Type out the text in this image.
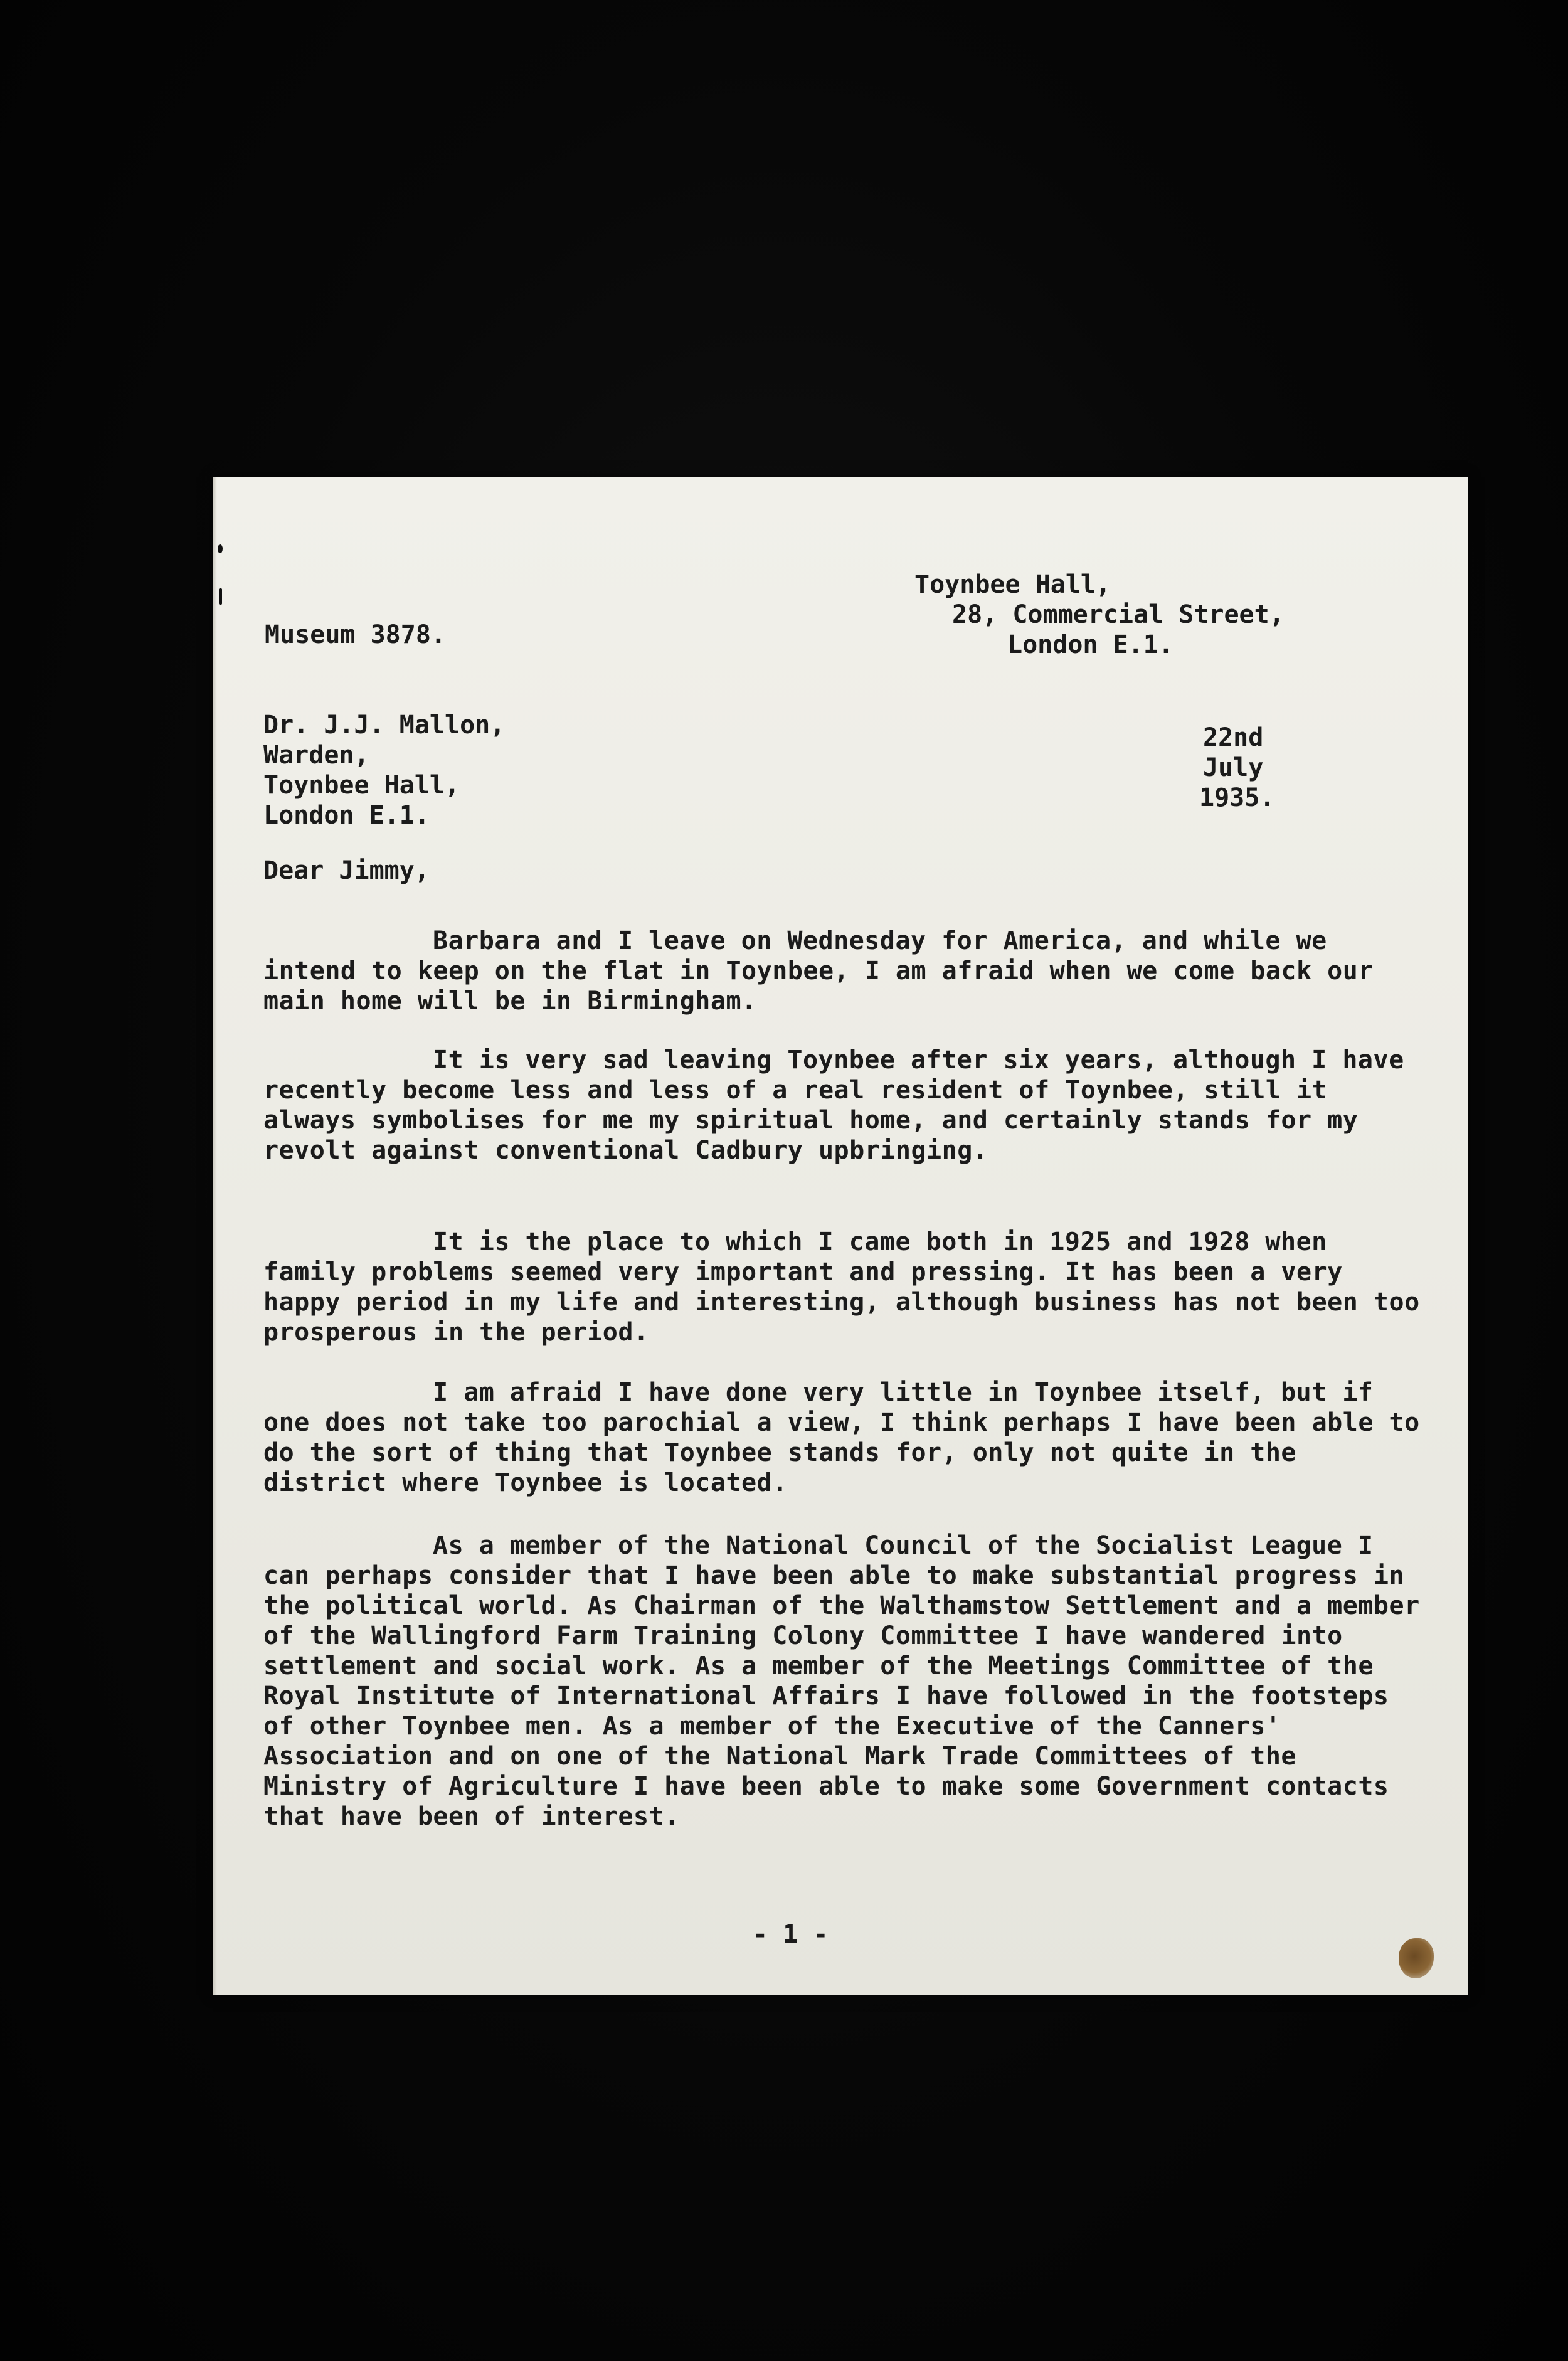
Toynbee Hall,
28, Commercial Street,
London E.1.
Museum 3878.
Dr. J.J. Mallon,
Warden,
Toynbee Hall,
London E.1.
22nd
July
1935.
Dear Jimmy,
Barbara and I leave on Wednesday for America, and while we intend to keep on the flat in Toynbee, I am afraid when we come back our main home will be in Birmingham.
It is very sad leaving Toynbee after six years, although I have recently become less and less of a real resident of Toynbee, still it always symbolises for me my spiritual home, and certainly stands for my revolt against conventional Cadbury upbringing.
It is the place to which I came both in 1925 and 1928 when family problems seemed very important and pressing. It has been a very happy period in my life and interesting, although business has not been too prosperous in the period.
I am afraid I have done very little in Toynbee itself, but if one does not take too parochial a view, I think perhaps I have been able to do the sort of thing that Toynbee stands for, only not quite in the district where Toynbee is located.
As a member of the National Council of the Socialist League I can perhaps consider that I have been able to make substantial progress in the political world. As Chairman of the Walthamstow Settlement and a member of the Wallingford Farm Training Colony Committee I have wandered into settlement and social work. As a member of the Meetings Committee of the Royal Institute of International Affairs I have followed in the footsteps of other Toynbee men. As a member of the Executive of the Canners' Association and on one of the National Mark Trade Committees of the Ministry of Agriculture I have been able to make some Government contacts that have been of interest.
- 1 -
